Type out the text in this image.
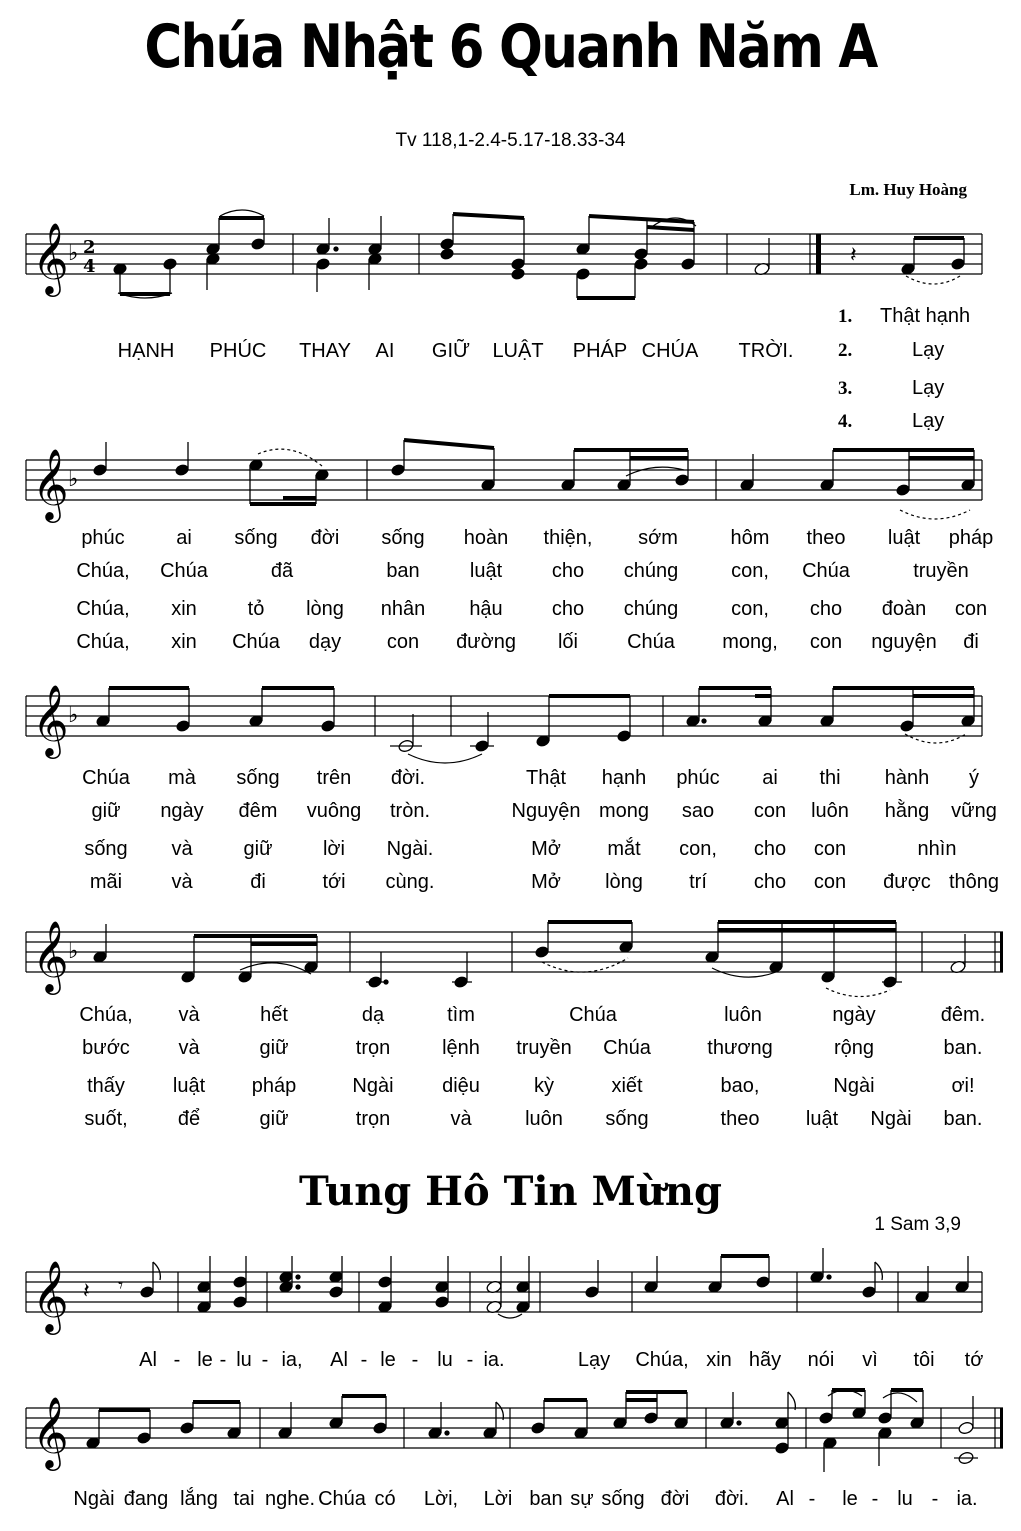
Chúa Nhật 6 Quanh Năm A
Tv 118,1-2.4-5.17-18.33-34
Lm. Huy Hoàng
𝄞 ♭ 2
4	𝄽
HẠNH PHÚC THAY AI GIỮ LUẬT PHÁP CHÚA TRỜI.
1. Thật hạnh
2.	Lạy
3.	Lạy
4.	Lạy
𝄞 ♭
phúc	ai sống đời sống hoàn thiện, sớm	hôm theo luật pháp
Chúa, Chúa	đã	ban	luật cho chúng	con, Chúa	truyền
Chúa, xin	tỏ lòng nhân hậu cho chúng	con, cho đoàn con
Chúa, xin Chúa dạy con đường lối Chúa mong, con nguyện đi
𝄞 ♭
Chúa mà sống trên đời.	Thật hạnh phúc ai thi hành ý
giữ ngày đêm vuông tròn.	Nguyện mong sao con luôn hằng vững
sống và	giữ	lời Ngài.	Mở mắt con, cho con	nhìn
mãi và	đi	tới cùng.	Mở lòng trí cho con được thông
𝄞 ♭
Chúa, và	hết	dạ	tìm	Chúa	luôn	ngày	đêm.
bước và	giữ	trọn	lệnh truyền Chúa	thương	rộng	ban.
thấy luật pháp	Ngài diệu	kỳ	xiết	bao,	Ngài	ơi!
suốt,	để	giữ	trọn	và	luôn sống	theo luật Ngài ban.
Tung Hô Tin Mừng
1 Sam 3,9
𝄞 𝄽 𝄾
Al - le - lu - ia, Al - le - lu - ia.	Lạy Chúa, xin hãy nói vì tôi tớ
𝄞
Ngài đang lắng tai nghe. Chúa có Lời, Lời ban sự sống đời đời. Al - le - lu - ia.
